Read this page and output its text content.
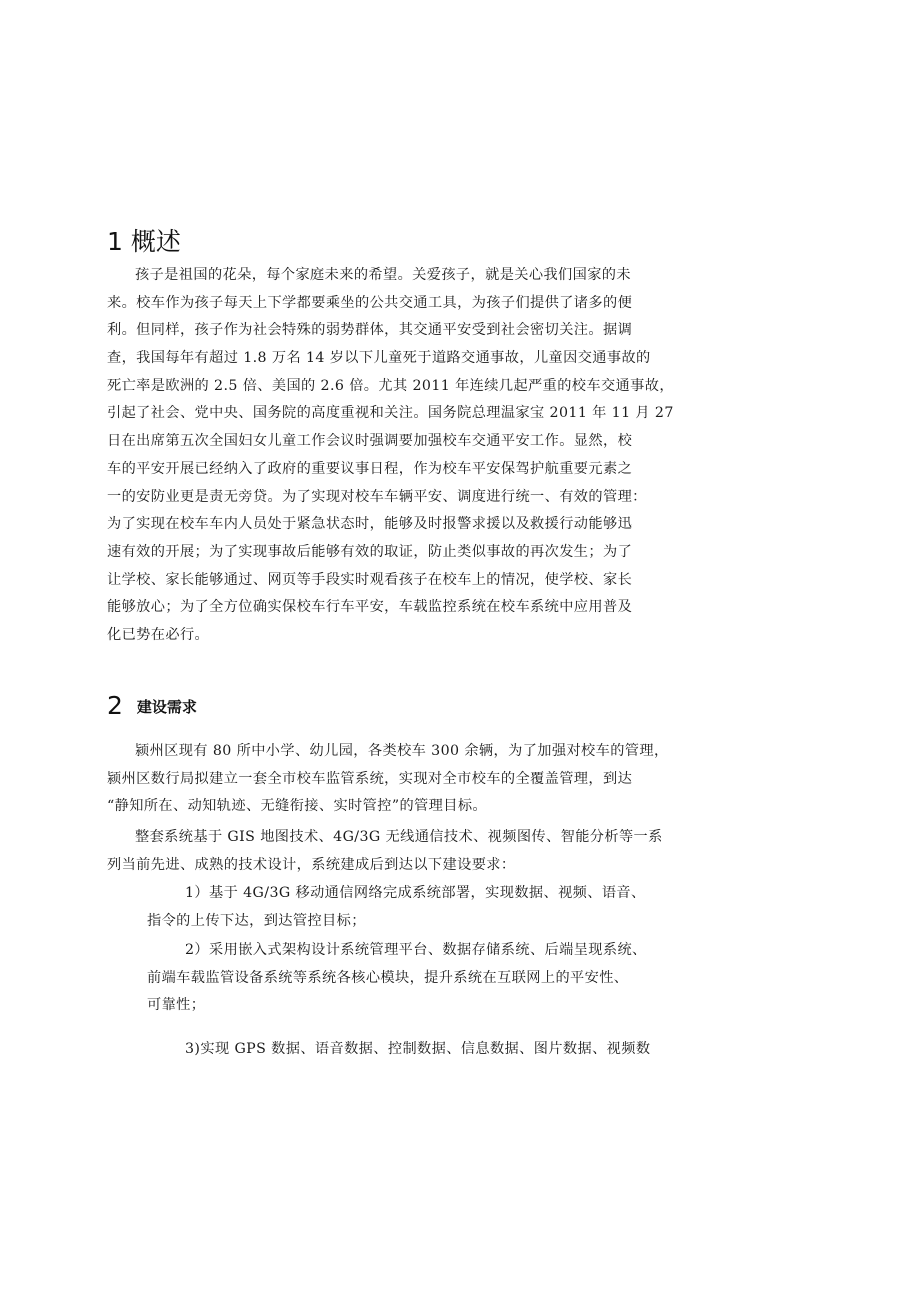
1 概述
孩子是祖国的花朵，每个家庭未来的希望。关爱孩子，就是关心我们国家的未
来。校车作为孩子每天上下学都要乘坐的公共交通工具，为孩子们提供了诸多的便
利。但同样，孩子作为社会特殊的弱势群体，其交通平安受到社会密切关注。据调
查，我国每年有超过 1.8 万名 14 岁以下儿童死于道路交通事故，儿童因交通事故的
死亡率是欧洲的 2.5 倍、美国的 2.6 倍。尤其 2011 年连续几起严重的校车交通事故，
引起了社会、党中央、国务院的高度重视和关注。国务院总理温家宝 2011 年 11 月 27
日在出席第五次全国妇女儿童工作会议时强调要加强校车交通平安工作。显然，校
车的平安开展已经纳入了政府的重要议事日程，作为校车平安保驾护航重要元素之
一的安防业更是责无旁贷。为了实现对校车车辆平安、调度进行统一、有效的管理：
为了实现在校车车内人员处于紧急状态时，能够及时报警求援以及救援行动能够迅
速有效的开展；为了实现事故后能够有效的取证，防止类似事故的再次发生；为了
让学校、家长能够通过、网页等手段实时观看孩子在校车上的情况，使学校、家长
能够放心；为了全方位确实保校车行车平安，车载监控系统在校车系统中应用普及
化已势在必行。
2 建设需求
颍州区现有 80 所中小学、幼儿园，各类校车 300 余辆，为了加强对校车的管理，
颍州区数行局拟建立一套全市校车监管系统，实现对全市校车的全覆盖管理，到达
“静知所在、动知轨迹、无缝衔接、实时管控”的管理目标。
整套系统基于 GIS 地图技术、4G/3G 无线通信技术、视频图传、智能分析等一系
列当前先进、成熟的技术设计，系统建成后到达以下建设要求：
1）基于 4G/3G 移动通信网络完成系统部署，实现数据、视频、语音、
指令的上传下达，到达管控目标；
2）采用嵌入式架构设计系统管理平台、数据存储系统、后端呈现系统、
前端车载监管设备系统等系统各核心模块，提升系统在互联网上的平安性、
可靠性；
3)实现 GPS 数据、语音数据、控制数据、信息数据、图片数据、视频数
